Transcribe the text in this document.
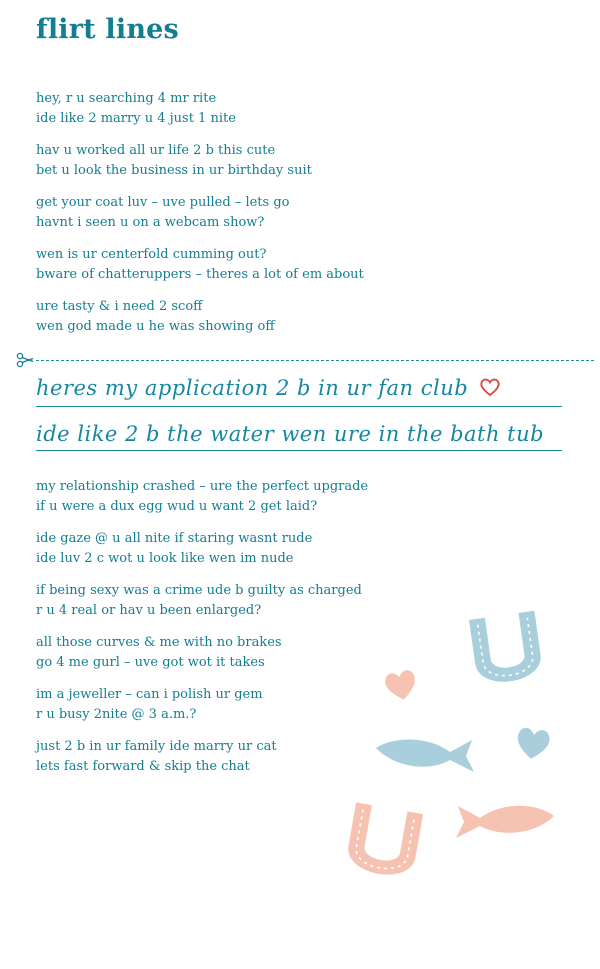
flirt lines
hey, r u searching 4 mr rite
ide like 2 marry u 4 just 1 nite
hav u worked all ur life 2 b this cute
bet u look the business in ur birthday suit
get your coat luv – uve pulled – lets go
havnt i seen u on a webcam show?
wen is ur centerfold cumming out?
bware of chatteruppers – theres a lot of em about
ure tasty & i need 2 scoff
wen god made u he was showing off
heres my application 2 b in ur fan club
ide like 2 b the water wen ure in the bath tub
my relationship crashed – ure the perfect upgrade
if u were a dux egg wud u want 2 get laid?
ide gaze @ u all nite if staring wasnt rude
ide luv 2 c wot u look like wen im nude
if being sexy was a crime ude b guilty as charged
r u 4 real or hav u been enlarged?
all those curves & me with no brakes
go 4 me gurl – uve got wot it takes
im a jeweller – can i polish ur gem
r u busy 2nite @ 3 a.m.?
just 2 b in ur family ide marry ur cat
lets fast forward & skip the chat
